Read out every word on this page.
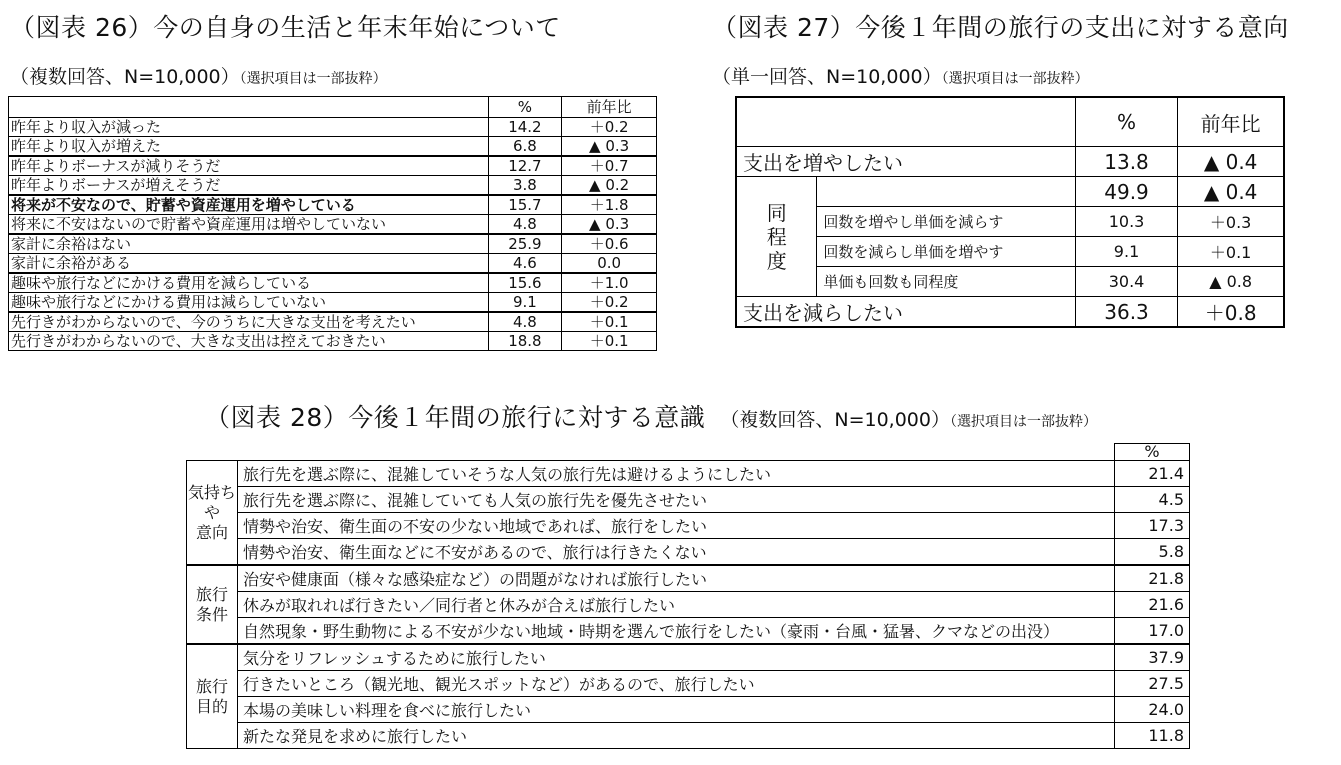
（図表 26）今の自身の生活と年末年始について
（複数回答、N=10,000）（選択項目は一部抜粋）
	%	前年比
昨年より収入が減った	14.2	＋0.2
昨年より収入が増えた	6.8	▲ 0.3
昨年よりボーナスが減りそうだ	12.7	＋0.7
昨年よりボーナスが増えそうだ	3.8	▲ 0.2
将来が不安なので、貯蓄や資産運用を増やしている	15.7	＋1.8
将来に不安はないので貯蓄や資産運用は増やしていない	4.8	▲ 0.3
家計に余裕はない	25.9	＋0.6
家計に余裕がある	4.6	0.0
趣味や旅行などにかける費用を減らしている	15.6	＋1.0
趣味や旅行などにかける費用は減らしていない	9.1	＋0.2
先行きがわからないので、今のうちに大きな支出を考えたい	4.8	＋0.1
先行きがわからないので、大きな支出は控えておきたい	18.8	＋0.1
（図表 27）今後１年間の旅行の支出に対する意向
（単一回答、N=10,000）（選択項目は一部抜粋）
		%	前年比
支出を増やしたい		13.8	▲ 0.4

同
程
度		49.9	▲ 0.4
	回数を増やし単価を減らす	10.3	＋0.3
	回数を減らし単価を増やす	9.1	＋0.1
	単価も回数も同程度	30.4	▲ 0.8
支出を減らしたい		36.3	＋0.8
（図表 28）今後１年間の旅行に対する意識 （複数回答、N=10,000）（選択項目は一部抜粋）
		%

気持ち
や
意向	旅行先を選ぶ際に、混雑していそうな人気の旅行先は避けるようにしたい	21.4
	旅行先を選ぶ際に、混雑していても人気の旅行先を優先させたい	4.5
	情勢や治安、衛生面の不安の少ない地域であれば、旅行をしたい	17.3
	情勢や治安、衛生面などに不安があるので、旅行は行きたくない	5.8

旅行
条件	治安や健康面（様々な感染症など）の問題がなければ旅行したい	21.8
	休みが取れれば行きたい／同行者と休みが合えば旅行したい	21.6
	自然現象・野生動物による不安が少ない地域・時期を選んで旅行をしたい（豪雨・台風・猛暑、クマなどの出没）	17.0

旅行
目的	気分をリフレッシュするために旅行したい	37.9
	行きたいところ（観光地、観光スポットなど）があるので、旅行したい	27.5
	本場の美味しい料理を食べに旅行したい	24.0
	新たな発見を求めに旅行したい	11.8
